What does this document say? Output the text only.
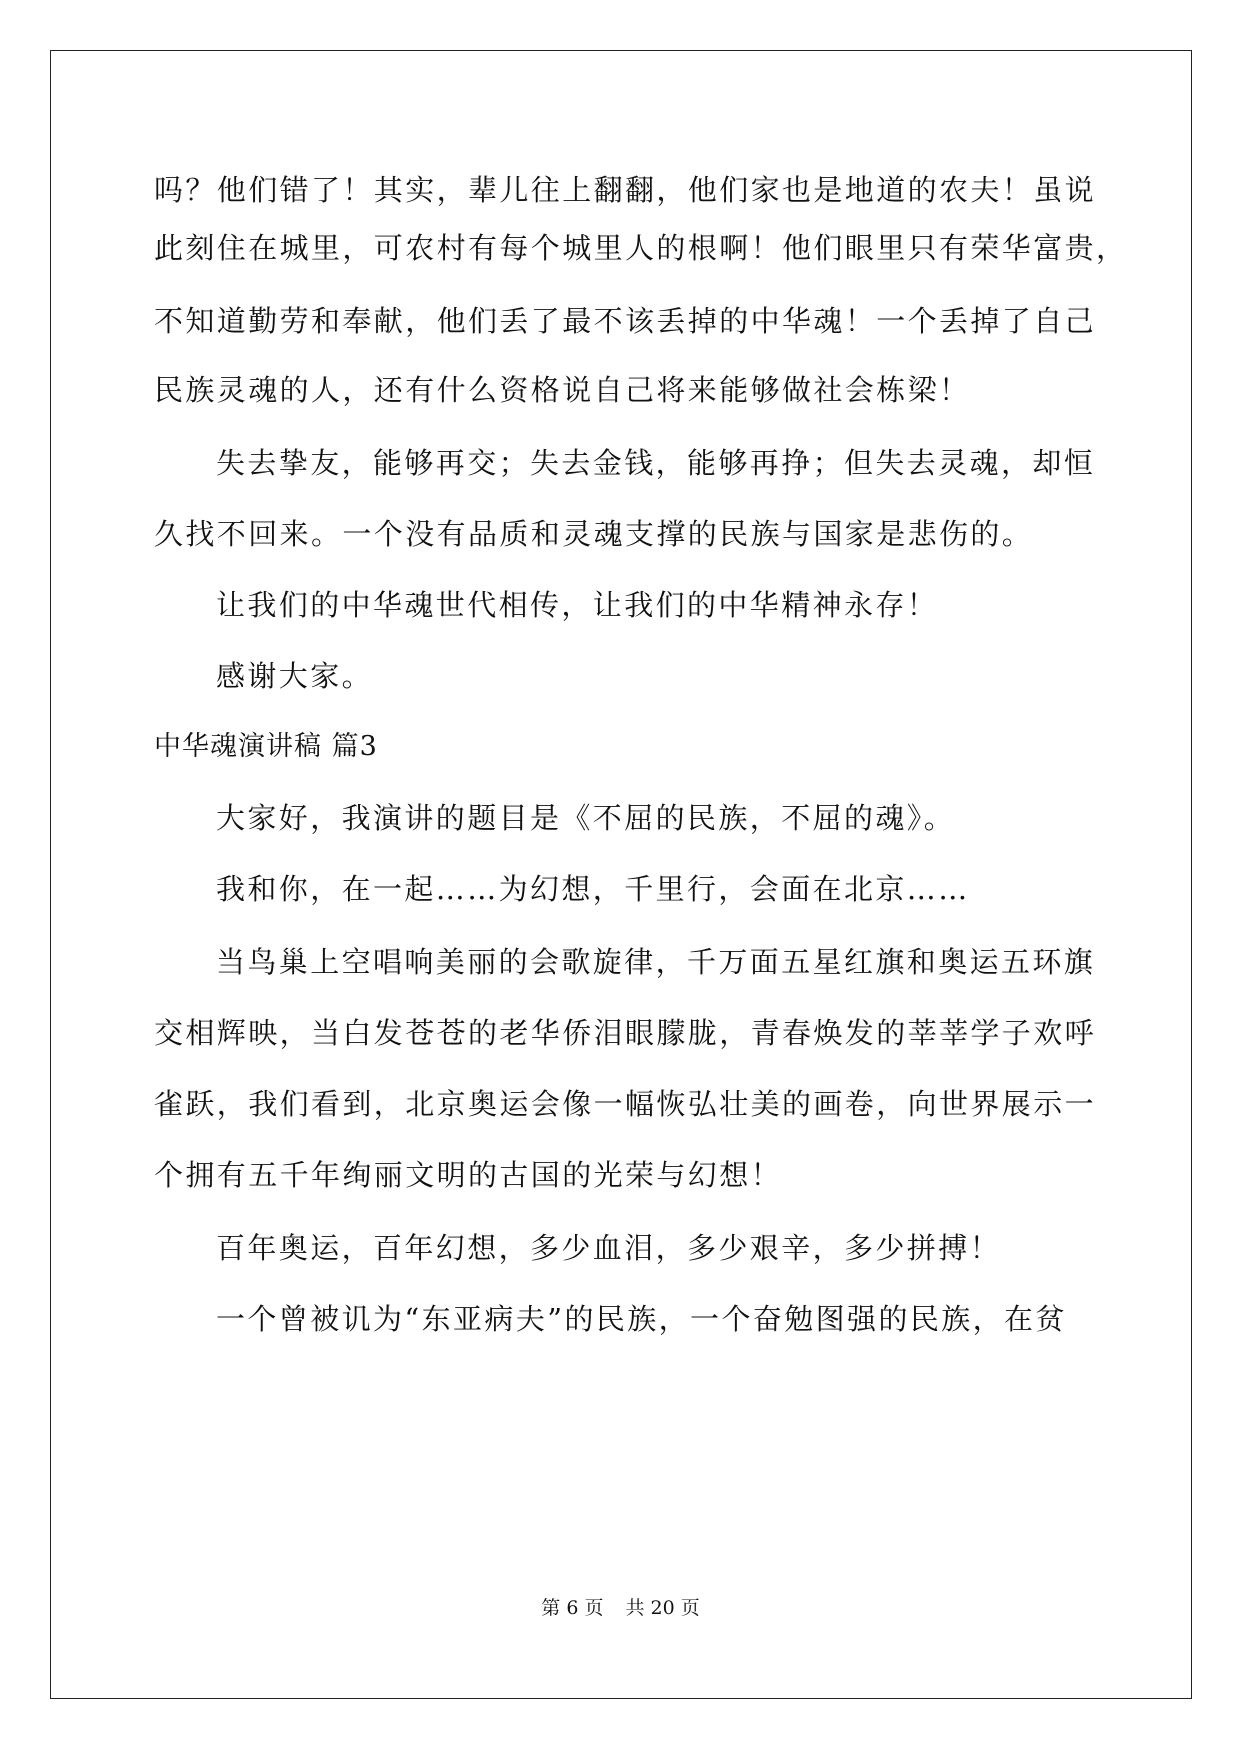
吗？他们错了！其实，辈儿往上翻翻，他们家也是地道的农夫！虽说
此刻住在城里，可农村有每个城里人的根啊！他们眼里只有荣华富贵，
不知道勤劳和奉献，他们丢了最不该丢掉的中华魂！一个丢掉了自己
民族灵魂的人，还有什么资格说自己将来能够做社会栋梁！
失去挚友，能够再交；失去金钱，能够再挣；但失去灵魂，却恒
久找不回来。一个没有品质和灵魂支撑的民族与国家是悲伤的。
让我们的中华魂世代相传，让我们的中华精神永存！
感谢大家。
中华魂演讲稿 篇3
大家好，我演讲的题目是《不屈的民族，不屈的魂》。
我和你，在一起……为幻想，千里行，会面在北京……
当鸟巢上空唱响美丽的会歌旋律，千万面五星红旗和奥运五环旗
交相辉映，当白发苍苍的老华侨泪眼朦胧，青春焕发的莘莘学子欢呼
雀跃，我们看到，北京奥运会像一幅恢弘壮美的画卷，向世界展示一
个拥有五千年绚丽文明的古国的光荣与幻想！
百年奥运，百年幻想，多少血泪，多少艰辛，多少拼搏！
一个曾被讥为“东亚病夫”的民族，一个奋勉图强的民族，在贫
第 6 页 共 20 页
